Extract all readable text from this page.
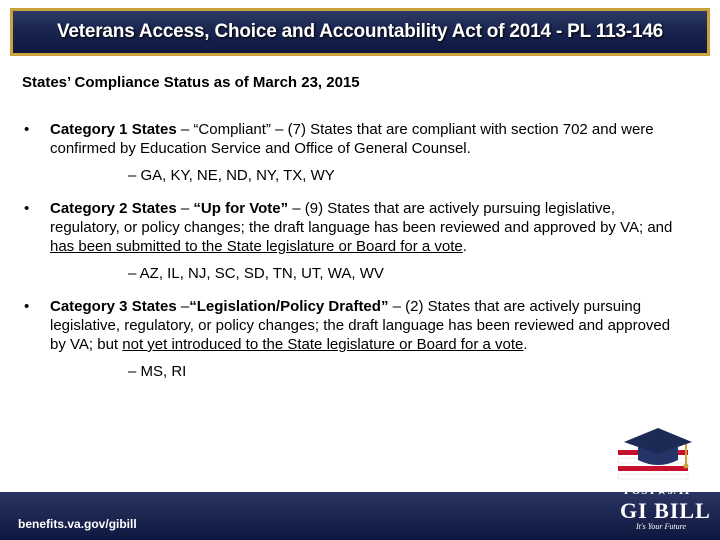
Veterans Access, Choice and Accountability Act of 2014 - PL 113-146
States’ Compliance Status as of March 23, 2015
• Category 1 States – “Compliant” – (7) States that are compliant with section 702 and were confirmed by Education Service and Office of General Counsel.
– GA, KY, NE, ND, NY, TX, WY
• Category 2 States – “Up for Vote” – (9) States that are actively pursuing legislative, regulatory, or policy changes; the draft language has been reviewed and approved by VA; and has been submitted to the State legislature or Board for a vote.
– AZ, IL, NJ, SC, SD, TN, UT, WA, WV
• Category 3 States –“Legislation/Policy Drafted” – (2) States that are actively pursuing legislative, regulatory, or policy changes; the draft language has been reviewed and approved by VA; but not yet introduced to the State legislature or Board for a vote.
– MS, RI
benefits.va.gov/gibill
POST★9/11
GI BILL
It's Your Future
